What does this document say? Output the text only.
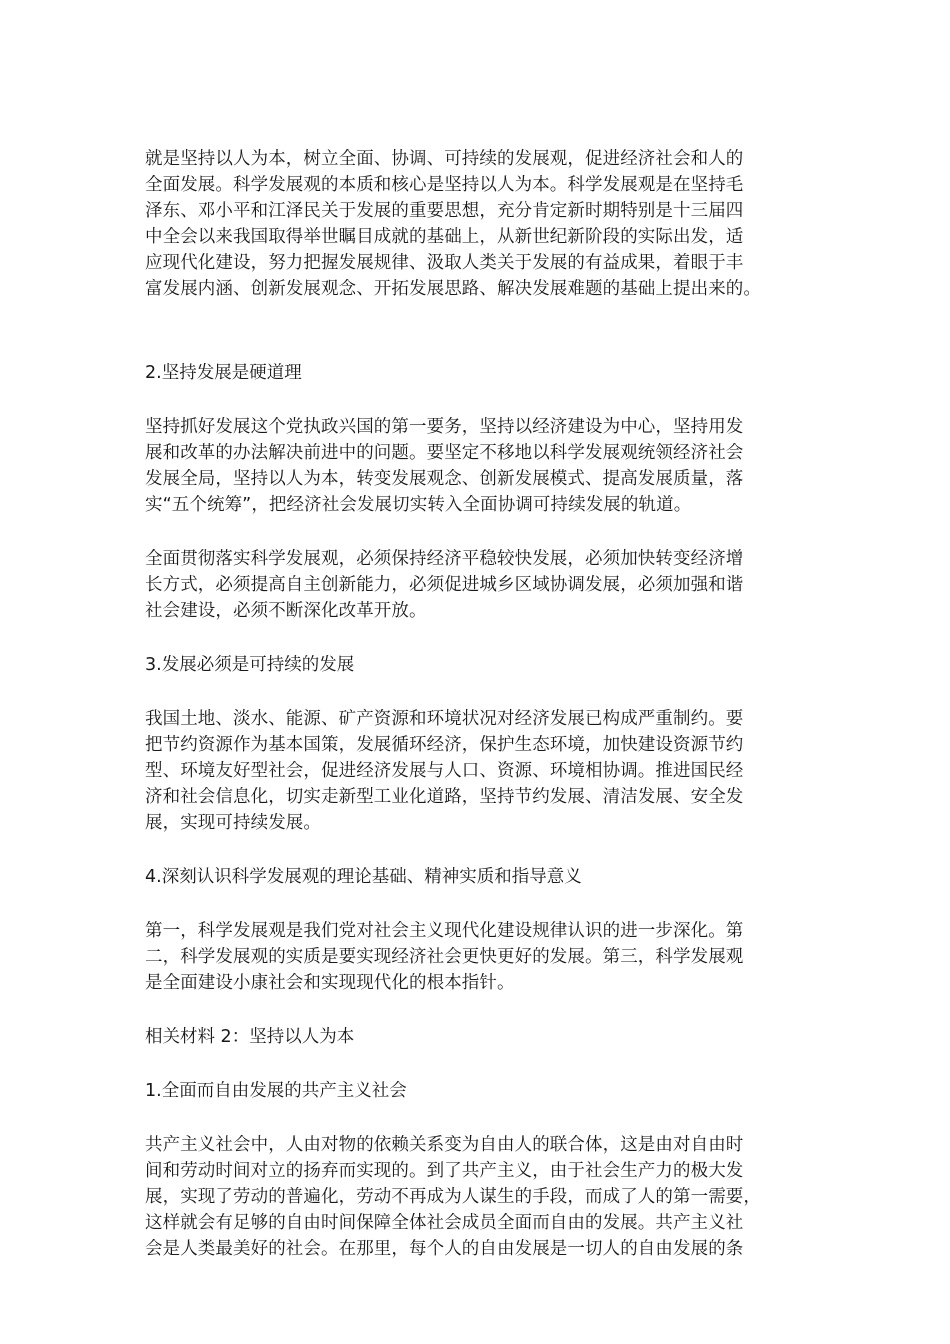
就是坚持以人为本，树立全面、协调、可持续的发展观，促进经济社会和人的
全面发展。科学发展观的本质和核心是坚持以人为本。科学发展观是在坚持毛
泽东、邓小平和江泽民关于发展的重要思想，充分肯定新时期特别是十三届四
中全会以来我国取得举世瞩目成就的基础上，从新世纪新阶段的实际出发，适
应现代化建设，努力把握发展规律、汲取人类关于发展的有益成果，着眼于丰
富发展内涵、创新发展观念、开拓发展思路、解决发展难题的基础上提出来的。
2.坚持发展是硬道理
坚持抓好发展这个党执政兴国的第一要务，坚持以经济建设为中心，坚持用发
展和改革的办法解决前进中的问题。要坚定不移地以科学发展观统领经济社会
发展全局，坚持以人为本，转变发展观念、创新发展模式、提高发展质量，落
实“五个统筹”，把经济社会发展切实转入全面协调可持续发展的轨道。
全面贯彻落实科学发展观，必须保持经济平稳较快发展，必须加快转变经济增
长方式，必须提高自主创新能力，必须促进城乡区域协调发展，必须加强和谐
社会建设，必须不断深化改革开放。
3.发展必须是可持续的发展
我国土地、淡水、能源、矿产资源和环境状况对经济发展已构成严重制约。要
把节约资源作为基本国策，发展循环经济，保护生态环境，加快建设资源节约
型、环境友好型社会，促进经济发展与人口、资源、环境相协调。推进国民经
济和社会信息化，切实走新型工业化道路，坚持节约发展、清洁发展、安全发
展，实现可持续发展。
4.深刻认识科学发展观的理论基础、精神实质和指导意义
第一，科学发展观是我们党对社会主义现代化建设规律认识的进一步深化。第
二，科学发展观的实质是要实现经济社会更快更好的发展。第三，科学发展观
是全面建设小康社会和实现现代化的根本指针。
相关材料 2：坚持以人为本
1.全面而自由发展的共产主义社会
共产主义社会中，人由对物的依赖关系变为自由人的联合体，这是由对自由时
间和劳动时间对立的扬弃而实现的。到了共产主义，由于社会生产力的极大发
展，实现了劳动的普遍化，劳动不再成为人谋生的手段，而成了人的第一需要，
这样就会有足够的自由时间保障全体社会成员全面而自由的发展。共产主义社
会是人类最美好的社会。在那里，每个人的自由发展是一切人的自由发展的条
